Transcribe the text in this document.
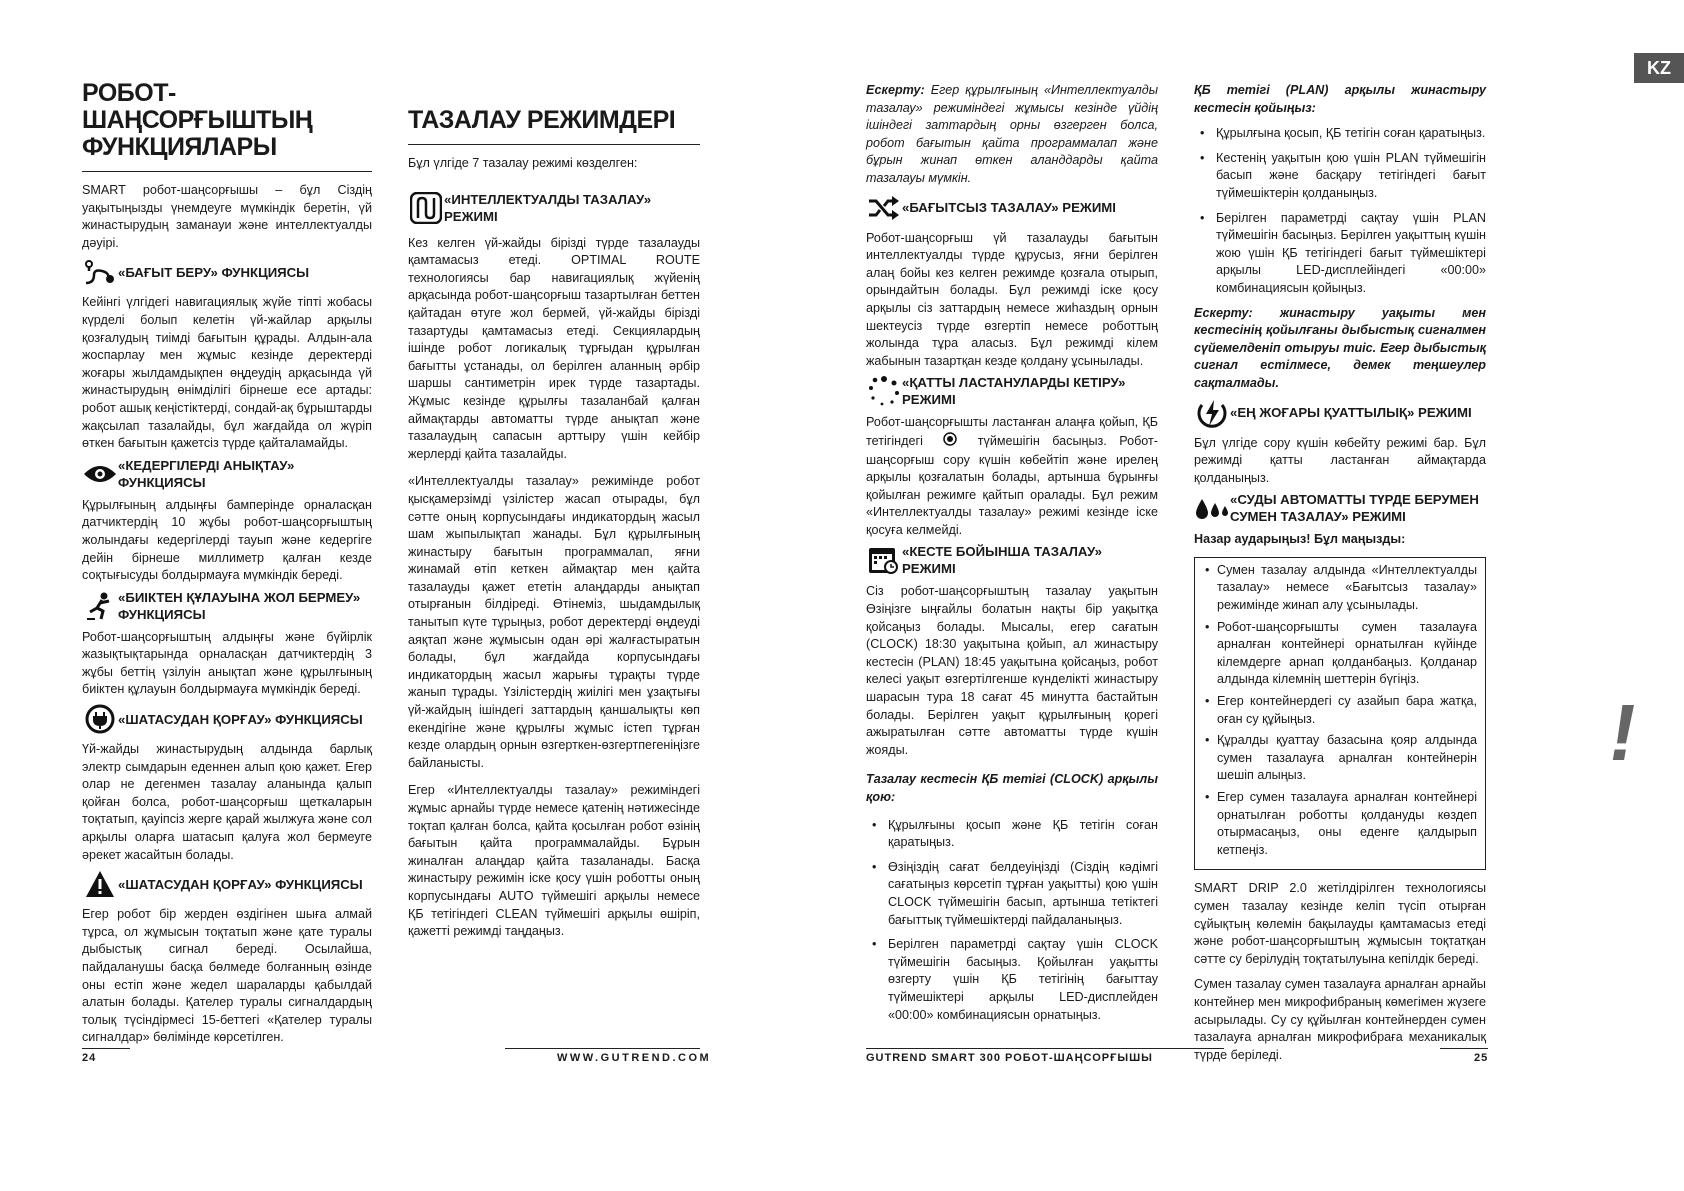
KZ
РОБОТ-ШАҢСОРҒЫШТЫҢ ФУНКЦИЯЛАРЫ

SMART робот-шаңсорғышы – бұл Сіздің уақытыңызды үнемдеуге мүмкіндік беретін, үй жинастырудың заманауи және интеллектуалды дәуірі.

«БАҒЫТ БЕРУ» ФУНКЦИЯСЫ

Кейінгі үлгідегі навигациялық жүйе тіпті жобасы күрделі болып келетін үй-жайлар арқылы қозғалудың тиімді бағытын құрады. Алдын-ала жоспарлау мен жұмыс кезінде деректерді жоғары жылдамдықпен өңдеудің арқасында үй жинастырудың өнімділігі бірнеше есе артады: робот ашық кеңістіктерді, сондай-ақ бұрыштарды жақсылап тазалайды, бұл жағдайда ол жүріп өткен бағытын қажетсіз түрде қайталамайды.

«КЕДЕРГІЛЕРДІ АНЫҚТАУ» ФУНКЦИЯСЫ

Құрылғының алдыңғы бамперінде орналасқан датчиктердің 10 жұбы робот-шаңсорғыштың жолындағы кедергілерді тауып және кедергіге дейін бірнеше миллиметр қалған кезде соқтығысуды болдырмауға мүмкіндік береді.

«БИІКТЕН ҚҰЛАУЫНА ЖОЛ БЕРМЕУ» ФУНКЦИЯСЫ

Робот-шаңсорғыштың алдыңғы және бүйірлік жазықтықтарында орналасқан датчиктердің 3 жұбы беттің үзілуін анықтап және құрылғының биіктен құлауын болдырмауға мүмкіндік береді.

«ШАТАСУДАН ҚОРҒАУ» ФУНКЦИЯСЫ

Үй-жайды жинастырудың алдында барлық электр сымдарын еденнен алып қою қажет. Егер олар не дегенмен тазалау аланында қалып қойған болса, робот-шаңсорғыш щеткаларын тоқтатып, қауіпсіз жерге қарай жылжуға және сол арқылы оларға шатасып қалуға жол бермеуге әрекет жасайтын болады.

«ШАТАСУДАН ҚОРҒАУ» ФУНКЦИЯСЫ

Егер робот бір жерден өздігінен шыға алмай тұрса, ол жұмысын тоқтатып және қате туралы дыбыстық сигнал береді. Осылайша, пайдаланушы басқа бөлмеде болғанның өзінде оны естіп және жедел шараларды қабылдай алатын болады. Қателер туралы сигналдардың толық түсіндірмесі 15-беттегі «Қателер туралы сигналдар» бөлімінде көрсетілген.

ТАЗАЛАУ РЕЖИМДЕРІ

Бұл үлгіде 7 тазалау режимі көзделген:

«ИНТЕЛЛЕКТУАЛДЫ ТАЗАЛАУ» РЕЖИМІ

Кез келген үй-жайды бірізді түрде тазалауды қамтамасыз етеді. OPTIMAL ROUTE технологиясы бар навигациялық жүйенің арқасында робот-шаңсорғыш тазартылған беттен қайтадан өтуге жол бермей, үй-жайды бірізді тазартуды қамтамасыз етеді. Секциялардың ішінде робот логикалық тұрғыдан құрылған бағытты ұстанады, ол берілген аланның әрбір шаршы сантиметрін ирек түрде тазартады. Жұмыс кезінде құрылғы тазаланбай қалған аймақтарды автоматты түрде анықтап және тазалаудың сапасын арттыру үшін кейбір жерлерді қайта тазалайды.

«Интеллектуалды тазалау» режимінде робот қысқамерзімді үзілістер жасап отырады, бұл сәтте оның корпусындағы индикатордың жасыл шам жыпылықтап жанады. Бұл құрылғының жинастыру бағытын программалап, яғни жинамай өтіп кеткен аймақтар мен қайта тазалауды қажет ететін алаңдарды анықтап отырғанын білдіреді. Өтінеміз, шыдамдылық танытып күте тұрыңыз, робот деректерді өңдеуді аяқтап және жұмысын одан әрі жалғастыратын болады, бұл жағдайда корпусындағы индикатордың жасыл жарығы тұрақты түрде жанып тұрады. Үзілістердің жиілігі мен ұзақтығы үй-жайдың ішіндегі заттардың қаншалықты көп екендігіне және құрылғы жұмыс істеп тұрған кезде олардың орнын өзгерткен-өзгертпегеніңізге байланысты.

Егер «Интеллектуалды тазалау» режиміндегі жұмыс арнайы түрде немесе қатенің нәтижесінде тоқтап қалған болса, қайта қосылған робот өзінің бағытын қайта программалайды. Бұрын жиналған алаңдар қайта тазаланады. Басқа жинастыру режимін іске қосу үшін роботты оның корпусындағы AUTO түймешігі арқылы немесе ҚБ тетігіндегі CLEAN түймешігі арқылы өшіріп, қажетті режимді таңдаңыз.

24	WWW.GUTREND.COM

Ескерту: Егер құрылғының «Интеллектуалды тазалау» режиміндегі жұмысы кезінде үйдің ішіндегі заттардың орны өзгерген болса, робот бағытын қайта программалап және бұрын жинап өткен аланддарды қайта тазалауы мүмкін.

«БАҒЫТСЫЗ ТАЗАЛАУ» РЕЖИМІ

Робот-шаңсорғыш үй тазалауды бағытын интеллектуалды түрде құрусыз, яғни берілген алаң бойы кез келген режимде қозғала отырып, орындайтын болады. Бұл режимді іске қосу арқылы сіз заттардың немесе жиһаздың орнын шектеусіз түрде өзгертіп немесе роботтың жолында тұра аласыз. Бұл режимді кілем жабынын тазартқан кезде қолдану ұсынылады.

«ҚАТТЫ ЛАСТАНУЛАРДЫ КЕТІРУ» РЕЖИМІ

Робот-шаңсорғышты ластанған алаңға қойып, ҚБ тетігіндегі	түймешігін басыңыз. Робот-шаңсорғыш сору күшін көбейтіп және ирелең арқылы қозғалатын болады, артынша бұрынғы қойылған режимге қайтып оралады. Бұл режим «Интеллектуалды тазалау» режимі кезінде іске қосуға келмейді.

«КЕСТЕ БОЙЫНША ТАЗАЛАУ» РЕЖИМІ

Сіз робот-шаңсорғыштың тазалау уақытын Өзіңізге ыңғайлы болатын нақты бір уақытқа қойсаңыз болады. Мысалы, егер сағатын (CLOCK) 18:30 уақытына қойып, ал жинастыру кестесін (PLAN) 18:45 уақытына қойсаңыз, робот келесі уақыт өзгертілгенше күнделікті жинастыру шарасын тура 18 сағат 45 минутта бастайтын болады. Берілген уақыт құрылғының қорегі ажыратылған сәтте автоматты түрде күшін жояды.

Тазалау кестесін ҚБ тетігі (CLOCK) арқылы қою:

• Құрылғыны қосып және ҚБ тетігін соған қаратыңыз.
• Өзіңіздің сағат белдеуіңізді (Сіздің кәдімгі сағатыңыз көрсетіп тұрған уақытты) қою үшін CLOCK түймешігін басып, артынша тетіктегі бағыттық түймешіктерді пайдаланыңыз.
• Берілген параметрді сақтау үшін CLOCK түймешігін басыңыз. Қойылған уақытты өзгерту үшін ҚБ тетігінің бағыттау түймешіктері арқылы LED-дисплейден «00:00» комбинациясын орнатыңыз.

ҚБ тетігі (PLAN) арқылы жинастыру кестесін қойыңыз:

• Құрылғына қосып, ҚБ тетігін соған қаратыңыз.
• Кестенің уақытын қою үшін PLAN түймешігін басып және басқару тетігіндегі бағыт түймешіктерін қолданыңыз.
• Берілген параметрді сақтау үшін PLAN түймешігін басыңыз. Берілген уақыттың күшін жою үшін ҚБ тетігіндегі бағыт түймешіктері арқылы LED-дисплейіндегі «00:00» комбинациясын қойыңыз.

Ескерту: жинастыру уақыты мен кестесінің қойылғаны дыбыстық сигналмен сүйемелденіп отыруы тиіс. Егер дыбыстық сигнал естілмесе, демек теңшеулер сақталмады.

«ЕҢ ЖОҒАРЫ ҚУАТТЫЛЫҚ» РЕЖИМІ

Бұл үлгіде сору күшін көбейту режимі бар. Бұл режимді қатты ластанған аймақтарда қолданыңыз.

«СУДЫ АВТОМАТТЫ ТҮРДЕ БЕРУМЕН СУМЕН ТАЗАЛАУ» РЕЖИМІ

Назар аударыңыз! Бұл маңызды:

• Сумен тазалау алдында «Интеллектуалды тазалау» немесе «Бағытсыз тазалау» режимінде жинап алу ұсынылады.
• Робот-шаңсорғышты сумен тазалауға арналған контейнері орнатылған күйінде кілемдерге арнап қолданбаңыз. Қолданар алдында кілемнің шеттерін бүгіңіз.
• Егер контейнердегі су азайып бара жатқа, оған су құйыңыз.
• Құралды қуаттау базасына қояр алдында сумен тазалауға арналған контейнерін шешіп алыңыз.
• Егер сумен тазалауға арналған контейнері орнатылған роботты қолдануды көздеп отырмасаңыз, оны еденге қалдырып кетпеңіз.

SMART DRIP 2.0 жетілдірілген технологиясы сумен тазалау кезінде келіп түсіп отырған сұйықтың көлемін бақылауды қамтамасыз етеді және робот-шаңсорғыштың жұмысын тоқтатқан сәтте су берілудің тоқтатылуына кепілдік береді.

Сумен тазалау сумен тазалауға арналған арнайы контейнер мен микрофибраның көмегімен жүзеге асырылады. Су су құйылған контейнерден сумен тазалауға арналған микрофибраға механикалық түрде беріледі.

!
GUTREND SMART 300 РОБОТ-ШАҢСОРҒЫШЫ	25
